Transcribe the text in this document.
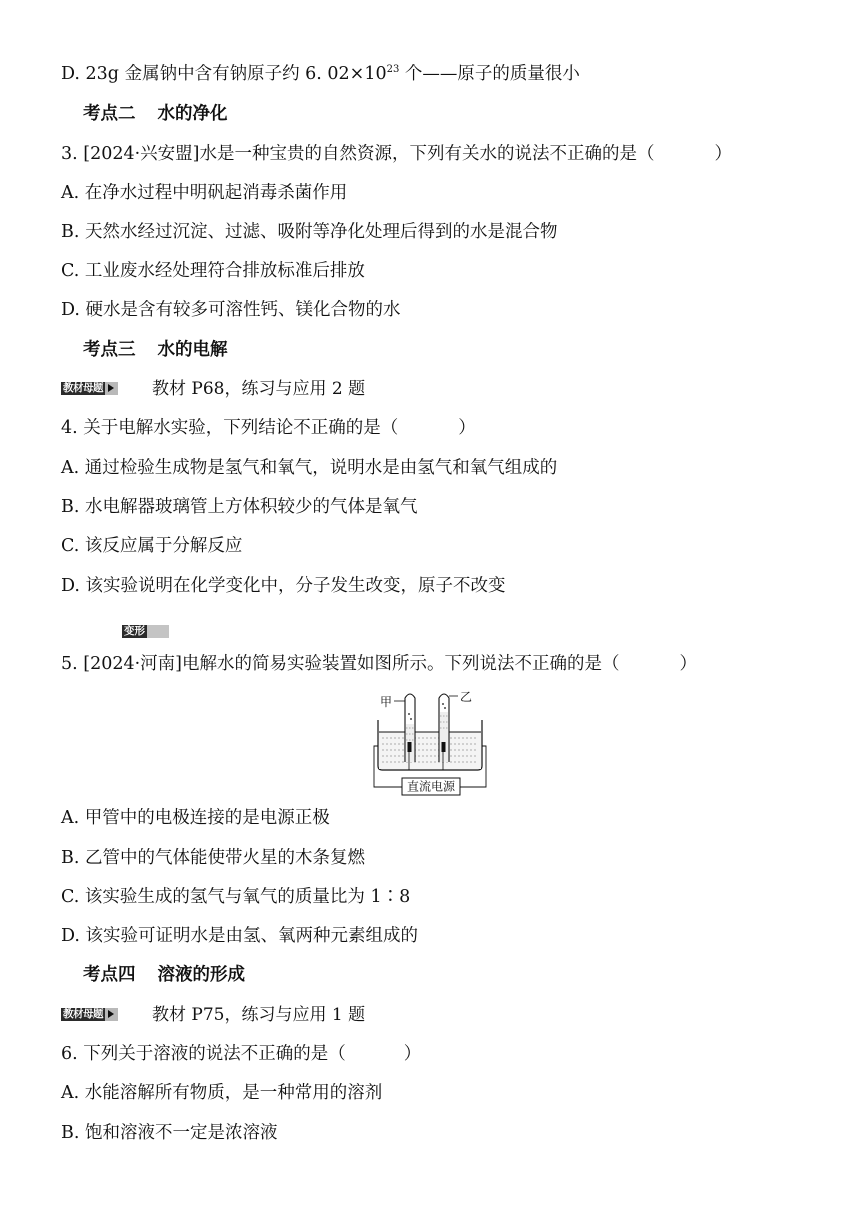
D. 23g 金属钠中含有钠原子约 6. $02\times 10^{23}$ 个——原子的质量很小
考点二 水的净化
3. [2024·兴安盟]水是一种宝贵的自然资源，下列有关水的说法不正确的是（	）
A. 在净水过程中明矾起消毒杀菌作用
B. 天然水经过沉淀、过滤、吸附等净化处理后得到的水是混合物
C. 工业废水经处理符合排放标准后排放
D. 硬水是含有较多可溶性钙、镁化合物的水
考点三 水的电解
教材母题	教材 P68，练习与应用 2 题
4. 关于电解水实验，下列结论不正确的是（	）
A. 通过检验生成物是氢气和氧气，说明水是由氢气和氧气组成的
B. 水电解器玻璃管上方体积较少的气体是氧气
C. 该反应属于分解反应
D. 该实验说明在化学变化中，分子发生改变，原子不改变
变形
5. [2024·河南]电解水的简易实验装置如图所示。下列说法不正确的是（	）
直流电源
甲	乙
A. 甲管中的电极连接的是电源正极
B. 乙管中的气体能使带火星的木条复燃
C. 该实验生成的氢气与氧气的质量比为 1∶8
D. 该实验可证明水是由氢、氧两种元素组成的
考点四 溶液的形成
教材母题	教材 P75，练习与应用 1 题
6. 下列关于溶液的说法不正确的是（	）
A. 水能溶解所有物质，是一种常用的溶剂
B. 饱和溶液不一定是浓溶液
